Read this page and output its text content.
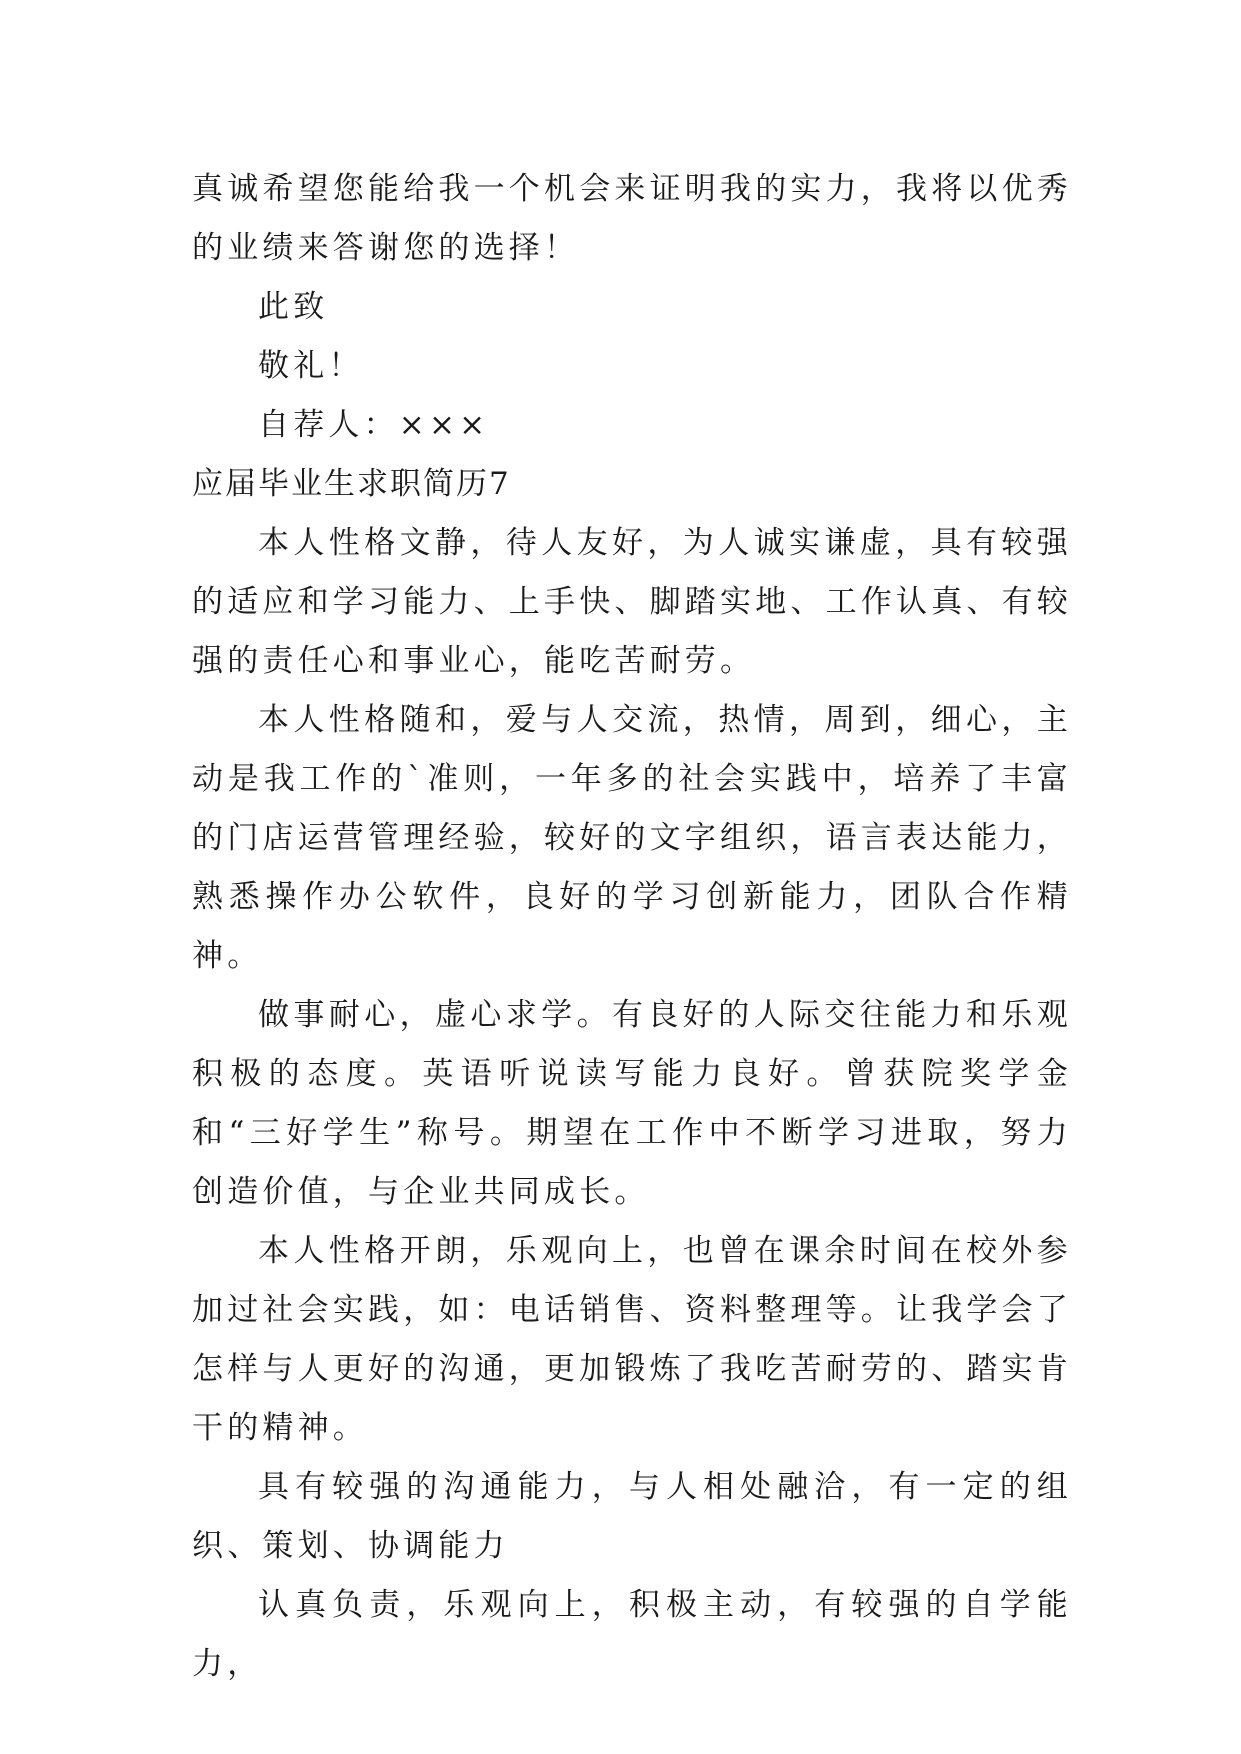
真诚希望您能给我一个机会来证明我的实力，我将以优秀的业绩来答谢您的选择！

此致

敬礼！

自荐人：×××

应届毕业生求职简历7

本人性格文静，待人友好，为人诚实谦虚，具有较强的适应和学习能力、上手快、脚踏实地、工作认真、有较强的责任心和事业心，能吃苦耐劳。

本人性格随和，爱与人交流，热情，周到，细心，主动是我工作的`准则，一年多的社会实践中，培养了丰富的门店运营管理经验，较好的文字组织，语言表达能力，熟悉操作办公软件，良好的学习创新能力，团队合作精神。

做事耐心，虚心求学。有良好的人际交往能力和乐观积极的态度。英语听说读写能力良好。曾获院奖学金和“三好学生”称号。期望在工作中不断学习进取，努力创造价值，与企业共同成长。

本人性格开朗，乐观向上，也曾在课余时间在校外参加过社会实践，如：电话销售、资料整理等。让我学会了怎样与人更好的沟通，更加锻炼了我吃苦耐劳的、踏实肯干的精神。

具有较强的沟通能力，与人相处融洽，有一定的组织、策划、协调能力

认真负责，乐观向上，积极主动，有较强的自学能力，
